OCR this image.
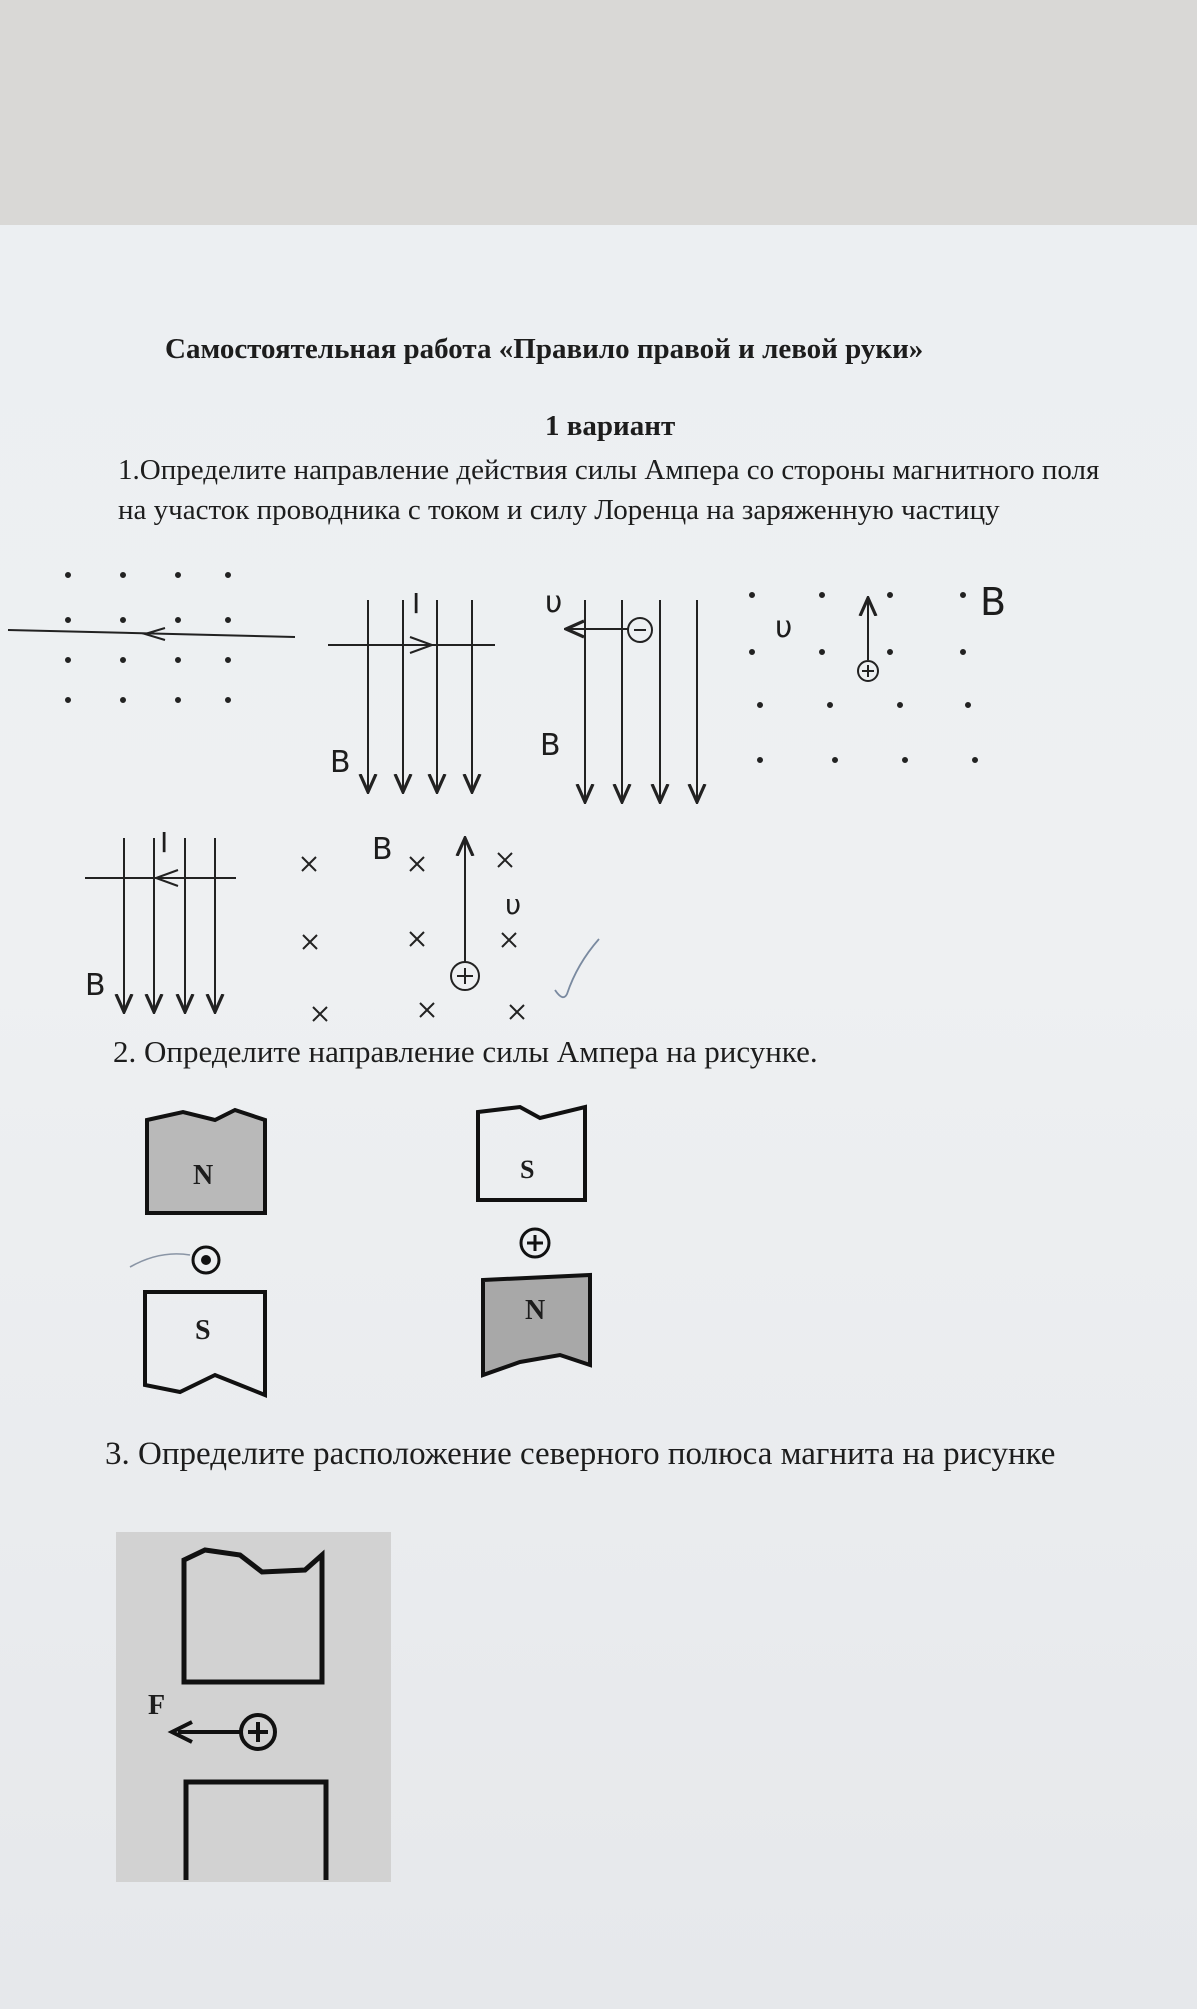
Самостоятельная работа «Правило правой и левой руки»
1 вариант
1.Определите направление действия силы Ампера со стороны магнитного поля на участок проводника с током и силу Лоренца на заряженную частицу
I
B
υ
B
υ
B
I
B
B
υ
2. Определите направление силы Ампера на рисунке.
N
S
S
N
3. Определите расположение северного полюса магнита на рисунке
F
